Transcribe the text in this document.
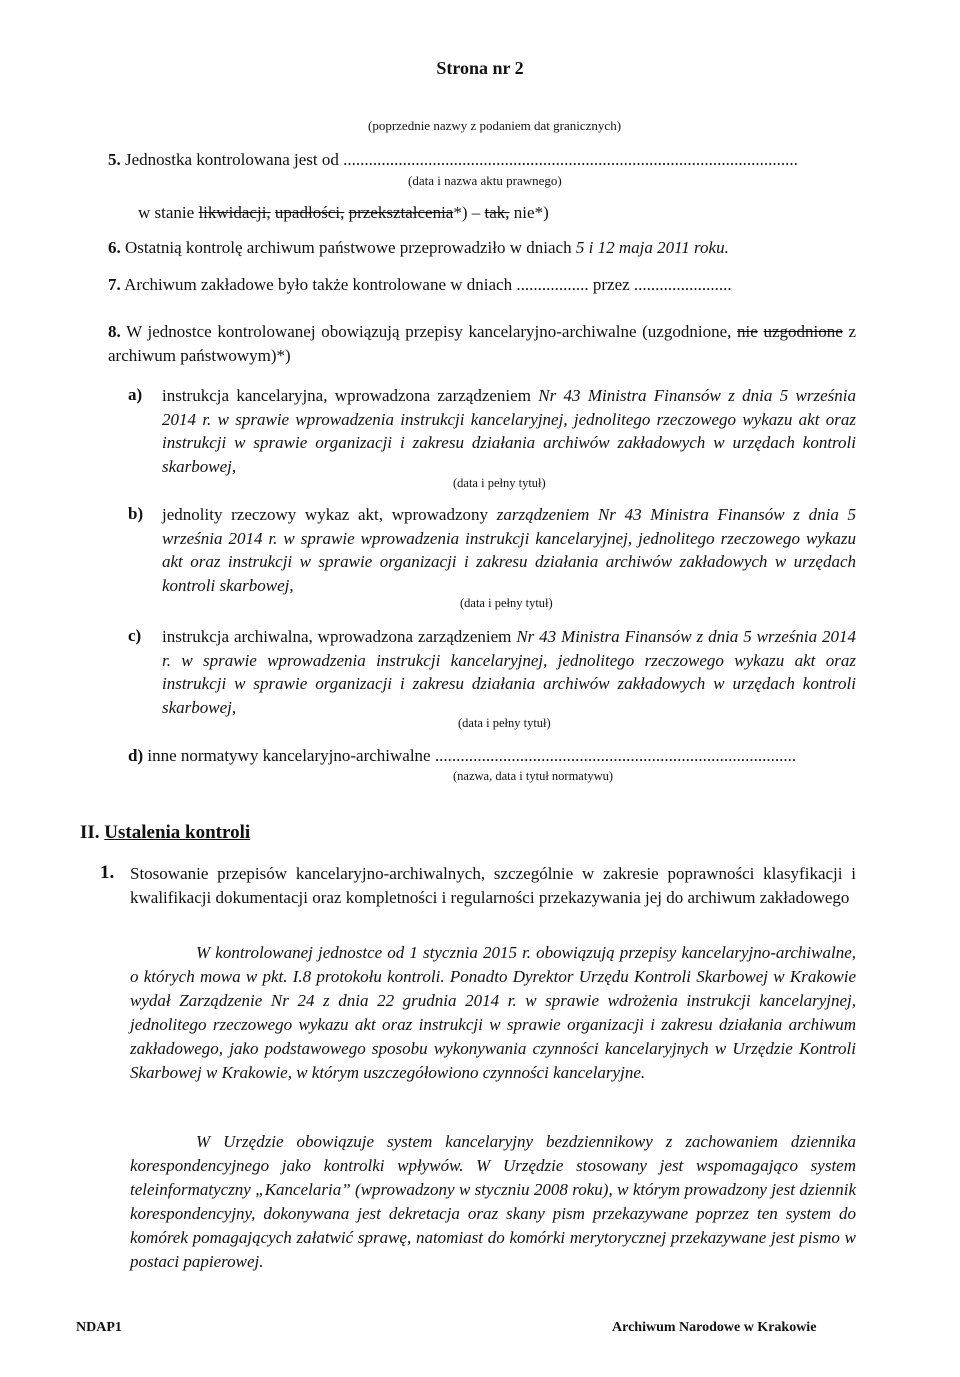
Strona nr 2
(poprzednie nazwy z podaniem dat granicznych)
5. Jednostka kontrolowana jest od ...........................................................................................................
(data i nazwa aktu prawnego)
w stanie likwidacji, upadłości, przekształcenia*) – tak, nie*)
6. Ostatnią kontrolę archiwum państwowe przeprowadziło w dniach 5 i 12 maja 2011 roku.
7. Archiwum zakładowe było także kontrolowane w dniach ................. przez .......................
8. W jednostce kontrolowanej obowiązują przepisy kancelaryjno-archiwalne (uzgodnione, nie uzgodnione z archiwum państwowym)*)
a) instrukcja kancelaryjna, wprowadzona zarządzeniem Nr 43 Ministra Finansów z dnia 5 września 2014 r. w sprawie wprowadzenia instrukcji kancelaryjnej, jednolitego rzeczowego wykazu akt oraz instrukcji w sprawie organizacji i zakresu działania archiwów zakładowych w urzędach kontroli skarbowej,
(data i pełny tytuł)
b) jednolity rzeczowy wykaz akt, wprowadzony zarządzeniem Nr 43 Ministra Finansów z dnia 5 września 2014 r. w sprawie wprowadzenia instrukcji kancelaryjnej, jednolitego rzeczowego wykazu akt oraz instrukcji w sprawie organizacji i zakresu działania archiwów zakładowych w urzędach kontroli skarbowej,
(data i pełny tytuł)
c) instrukcja archiwalna, wprowadzona zarządzeniem Nr 43 Ministra Finansów z dnia 5 września 2014 r. w sprawie wprowadzenia instrukcji kancelaryjnej, jednolitego rzeczowego wykazu akt oraz instrukcji w sprawie organizacji i zakresu działania archiwów zakładowych w urzędach kontroli skarbowej,
(data i pełny tytuł)
d) inne normatywy kancelaryjno-archiwalne .....................................................................................
(nazwa, data i tytuł normatywu)
II. Ustalenia kontroli
1. Stosowanie przepisów kancelaryjno-archiwalnych, szczególnie w zakresie poprawności klasyfikacji i kwalifikacji dokumentacji oraz kompletności i regularności przekazywania jej do archiwum zakładowego
W kontrolowanej jednostce od 1 stycznia 2015 r. obowiązują przepisy kancelaryjno-archiwalne, o których mowa w pkt. I.8 protokołu kontroli. Ponadto Dyrektor Urzędu Kontroli Skarbowej w Krakowie wydał Zarządzenie Nr 24 z dnia 22 grudnia 2014 r. w sprawie wdrożenia instrukcji kancelaryjnej, jednolitego rzeczowego wykazu akt oraz instrukcji w sprawie organizacji i zakresu działania archiwum zakładowego, jako podstawowego sposobu wykonywania czynności kancelaryjnych w Urzędzie Kontroli Skarbowej w Krakowie, w którym uszczegółowiono czynności kancelaryjne.
W Urzędzie obowiązuje system kancelaryjny bezdziennikowy z zachowaniem dziennika korespondencyjnego jako kontrolki wpływów. W Urzędzie stosowany jest wspomagająco system teleinformatyczny „Kancelaria” (wprowadzony w styczniu 2008 roku), w którym prowadzony jest dziennik korespondencyjny, dokonywana jest dekretacja oraz skany pism przekazywane poprzez ten system do komórek pomagających załatwić sprawę, natomiast do komórki merytorycznej przekazywane jest pismo w postaci papierowej.
NDAP1	Archiwum Narodowe w Krakowie
